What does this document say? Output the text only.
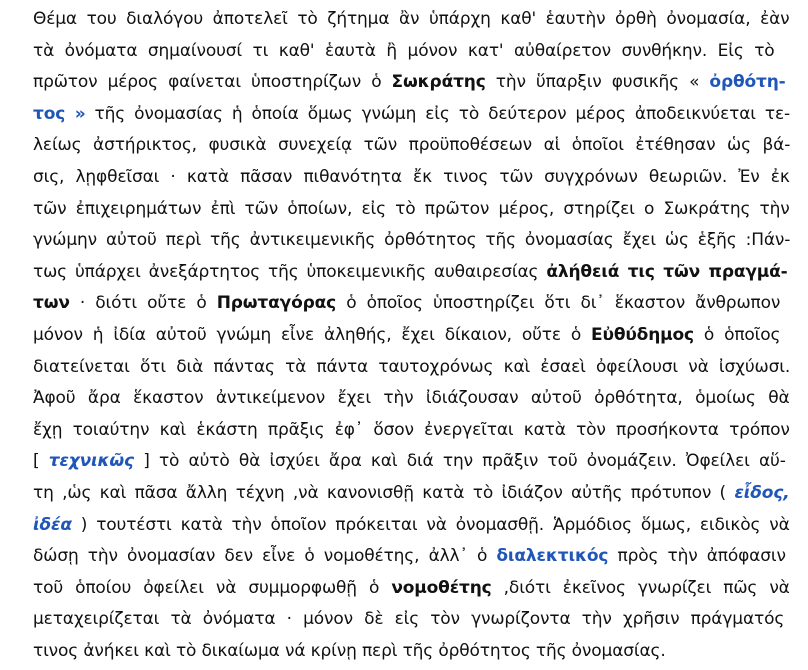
Θέμα του διαλόγου ἀποτελεῖ τὸ ζήτημα ἂν ὑπάρχη καθ' ἑαυτὴν ὀρθὴ ὀνομασία, ἐὰν
τὰ ὀνόματα σημαίνουσί τι καθ' ἑαυτὰ ἢ μόνον κατ' αὐθαίρετον συνθήκην. Εἰς τὸ
πρῶτον μέρος φαίνεται ὑποστηρίζων ὁ Σωκράτης τὴν ὕπαρξιν φυσικῆς « ὀρθότη-
τος » τῆς ὀνομασίας ἡ ὁποία ὅμως γνώμη εἰς τὸ δεύτερον μέρος ἀποδεικνύεται τε-
λείως ἀστήρικτος, φυσικὰ συνεχείᾳ τῶν προϋποθέσεων αἱ ὁποῖοι ἐτέθησαν ὡς βά-
σις, λῃφθεῖσαι · κατὰ πᾶσαν πιθανότητα ἔκ τινος τῶν συγχρόνων θεωριῶν. Ἐν ἐκ
τῶν ἐπιχειρημάτων ἐπὶ τῶν ὁποίων, εἰς τὸ πρῶτον μέρος, στηρίζει ο Σωκράτης τὴν
γνώμην αὐτοῦ περὶ τῆς ἀντικειμενικῆς ὀρθότητος τῆς ὀνομασίας ἔχει ὡς ἑξῆς :Πάν-
τως ὑπάρχει ἀνεξάρτητος τῆς ὑποκειμενικῆς αυθαιρεσίας ἀλήθειά τις τῶν πραγμά-
των · διότι οὔτε ὁ Πρωταγόρας ὁ ὁποῖος ὑποστηρίζει ὅτι δι᾽ ἕκαστον ἄνθρωπον
μόνον ἡ ἰδία αὐτοῦ γνώμη εἶνε ἀληθής, ἔχει δίκαιον, οὔτε ὁ Εὐθύδημος ὁ ὁποῖος
διατείνεται ὅτι διὰ πάντας τὰ πάντα ταυτοχρόνως καὶ ἐσαεὶ ὀφείλουσι νὰ ἰσχύωσι.
Ἀφοῦ ἄρα ἕκαστον ἀντικείμενον ἔχει τὴν ἰδιάζουσαν αὐτοῦ ὀρθότητα, ὁμοίως θὰ
ἔχῃ τοιαύτην καὶ ἑκάστη πρᾶξις ἐφ᾽ ὅσον ἐνεργεῖται κατὰ τὸν προσήκοντα τρόπον
[ τεχνικῶς ] τὸ αὐτὸ θὰ ἰσχύει ἄρα καὶ διά την πρᾶξιν τοῦ ὀνομάζειν. Ὀφείλει αὕ-
τη ,ὡς καὶ πᾶσα ἄλλη τέχνη ,νὰ κανονισθῇ κατὰ τὸ ἰδιάζον αὐτῆς πρότυπον ( εἶδος,
ἰδέα ) τουτέστι κατὰ τὴν ὁποῖον πρόκειται νὰ ὀνομασθῇ. Ἁρμόδιος ὅμως, ειδικὸς νὰ
δώσῃ τὴν ὀνομασίαν δεν εἶνε ὁ νομοθέτης, ἀλλ᾽ ὁ διαλεκτικός πρὸς τὴν ἀπόφασιν
τοῦ ὁποίου ὀφείλει νὰ συμμορφωθῇ ὁ νομοθέτης ,διότι ἐκεῖνος γνωρίζει πῶς νὰ
μεταχειρίζεται τὰ ὀνόματα · μόνον δὲ εἰς τὸν γνωρίζοντα τὴν χρῆσιν πράγματός
τινος ἀνήκει καὶ τὸ δικαίωμα νά κρίνῃ περὶ τῆς ὀρθότητος τῆς ὀνομασίας.
